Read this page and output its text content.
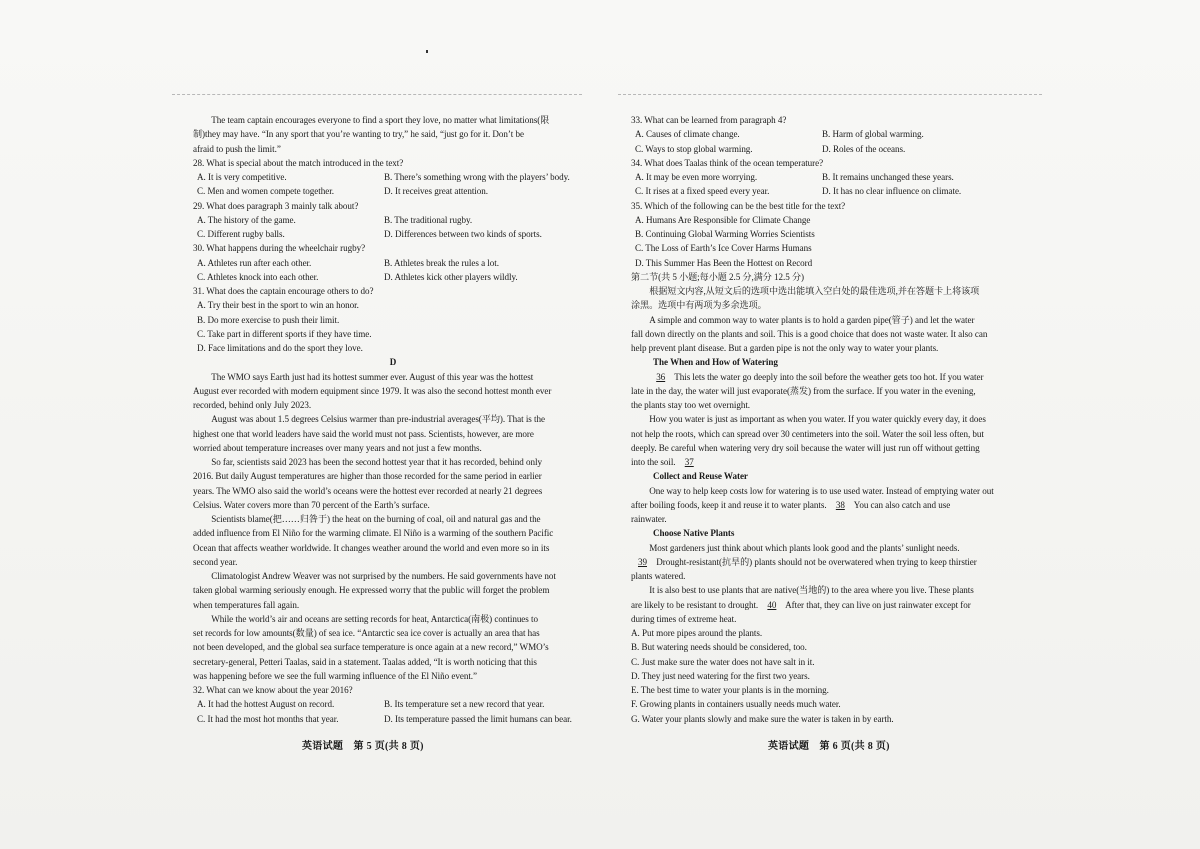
The team captain encourages everyone to find a sport they love, no matter what limitations(限

制)they may have. “In any sport that you’re wanting to try,” he said, “just go for it. Don’t be

afraid to push the limit.”

28. What is special about the match introduced in the text?

A. It is very competitive.	B. There’s something wrong with the players’ body.
C. Men and women compete together.	D. It receives great attention.

29. What does paragraph 3 mainly talk about?

A. The history of the game.	B. The traditional rugby.
C. Different rugby balls.	D. Differences between two kinds of sports.

30. What happens during the wheelchair rugby?

A. Athletes run after each other.	B. Athletes break the rules a lot.
C. Athletes knock into each other.	D. Athletes kick other players wildly.

31. What does the captain encourage others to do?

A. Try their best in the sport to win an honor.

B. Do more exercise to push their limit.

C. Take part in different sports if they have time.

D. Face limitations and do the sport they love.

D

The WMO says Earth just had its hottest summer ever. August of this year was the hottest

August ever recorded with modern equipment since 1979. It was also the second hottest month ever

recorded, behind only July 2023.

August was about 1.5 degrees Celsius warmer than pre-industrial averages(平均). That is the

highest one that world leaders have said the world must not pass. Scientists, however, are more

worried about temperature increases over many years and not just a few months.

So far, scientists said 2023 has been the second hottest year that it has recorded, behind only

2016. But daily August temperatures are higher than those recorded for the same period in earlier

years. The WMO also said the world’s oceans were the hottest ever recorded at nearly 21 degrees

Celsius. Water covers more than 70 percent of the Earth’s surface.

Scientists blame(把……归咎于) the heat on the burning of coal, oil and natural gas and the

added influence from El Niño for the warming climate. El Niño is a warming of the southern Pacific

Ocean that affects weather worldwide. It changes weather around the world and even more so in its

second year.

Climatologist Andrew Weaver was not surprised by the numbers. He said governments have not

taken global warming seriously enough. He expressed worry that the public will forget the problem

when temperatures fall again.

While the world’s air and oceans are setting records for heat, Antarctica(南极) continues to

set records for low amounts(数量) of sea ice. “Antarctic sea ice cover is actually an area that has

not been developed, and the global sea surface temperature is once again at a new record,” WMO’s

secretary-general, Petteri Taalas, said in a statement. Taalas added, “It is worth noticing that this

was happening before we see the full warming influence of the El Niño event.”

32. What can we know about the year 2016?

A. It had the hottest August on record.	B. Its temperature set a new record that year.
C. It had the most hot months that year.	D. Its temperature passed the limit humans can bear.

33. What can be learned from paragraph 4?

A. Causes of climate change.	B. Harm of global warming.
C. Ways to stop global warming.	D. Roles of the oceans.

34. What does Taalas think of the ocean temperature?

A. It may be even more worrying.	B. It remains unchanged these years.
C. It rises at a fixed speed every year.	D. It has no clear influence on climate.

35. Which of the following can be the best title for the text?

A. Humans Are Responsible for Climate Change

B. Continuing Global Warming Worries Scientists

C. The Loss of Earth’s Ice Cover Harms Humans

D. This Summer Has Been the Hottest on Record

第二节(共 5 小题;每小题 2.5 分,满分 12.5 分)

根据短文内容,从短文后的选项中选出能填入空白处的最佳选项,并在答题卡上将该项

涂黑。选项中有两项为多余选项。

A simple and common way to water plants is to hold a garden pipe(管子) and let the water

fall down directly on the plants and soil. This is a good choice that does not waste water. It also can

help prevent plant disease. But a garden pipe is not the only way to water your plants.

The When and How of Watering

36 This lets the water go deeply into the soil before the weather gets too hot. If you water

late in the day, the water will just evaporate(蒸发) from the surface. If you water in the evening,

the plants stay too wet overnight.

How you water is just as important as when you water. If you water quickly every day, it does

not help the roots, which can spread over 30 centimeters into the soil. Water the soil less often, but

deeply. Be careful when watering very dry soil because the water will just run off without getting

into the soil. 37

Collect and Reuse Water

One way to help keep costs low for watering is to use used water. Instead of emptying water out

after boiling foods, keep it and reuse it to water plants. 38 You can also catch and use

rainwater.

Choose Native Plants

Most gardeners just think about which plants look good and the plants’ sunlight needs.

39 Drought-resistant(抗旱的) plants should not be overwatered when trying to keep thirstier

plants watered.

It is also best to use plants that are native(当地的) to the area where you live. These plants

are likely to be resistant to drought. 40 After that, they can live on just rainwater except for

during times of extreme heat.

A. Put more pipes around the plants.

B. But watering needs should be considered, too.

C. Just make sure the water does not have salt in it.

D. They just need watering for the first two years.

E. The best time to water your plants is in the morning.

F. Growing plants in containers usually needs much water.

G. Water your plants slowly and make sure the water is taken in by earth.

英语试题　第 5 页(共 8 页)	英语试题　第 6 页(共 8 页)
